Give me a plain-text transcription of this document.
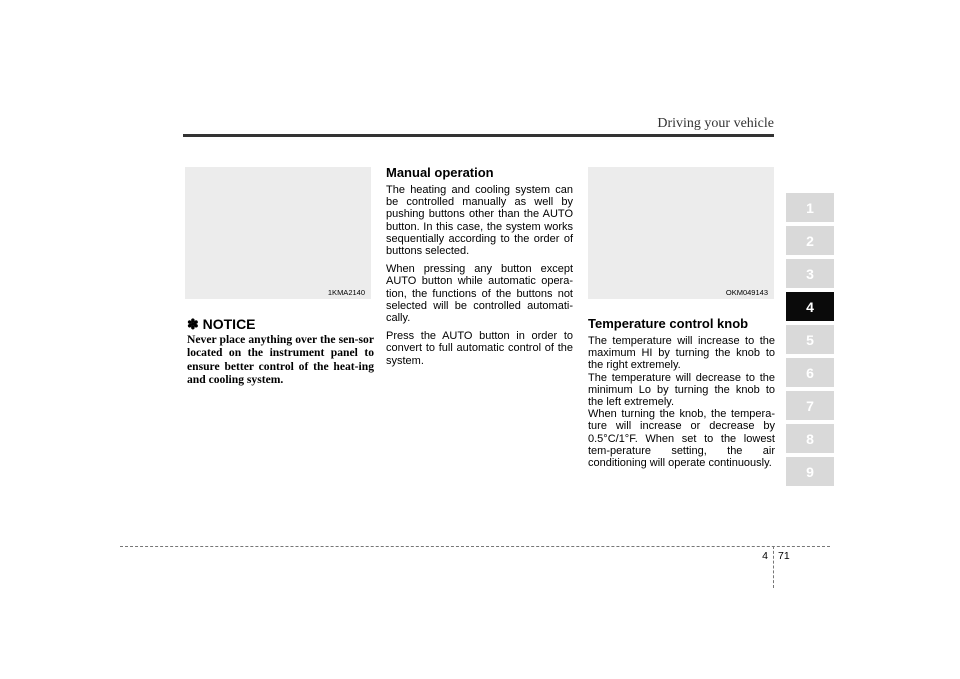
Driving your vehicle
1KMA2140
✽ NOTICE
Never place anything over the sen-sor located on the instrument panel to ensure better control of the heat-ing and cooling system.
Manual operation

The heating and cooling system can be controlled manually as well by pushing buttons other than the AUTO button. In this case, the system works sequentially according to the order of buttons selected.

When pressing any button except AUTO button while automatic opera-tion, the functions of the buttons not selected will be controlled automati-cally.

Press the AUTO button in order to convert to full automatic control of the system.

OKM049143
Temperature control knob

The temperature will increase to the maximum HI by turning the knob to the right extremely.

The temperature will decrease to the minimum Lo by turning the knob to the left extremely.

When turning the knob, the tempera-ture will increase or decrease by 0.5°C/1°F. When set to the lowest tem-perature setting, the air conditioning will operate continuously.

1
2
3
4
5
6
7
8
9
4 71
